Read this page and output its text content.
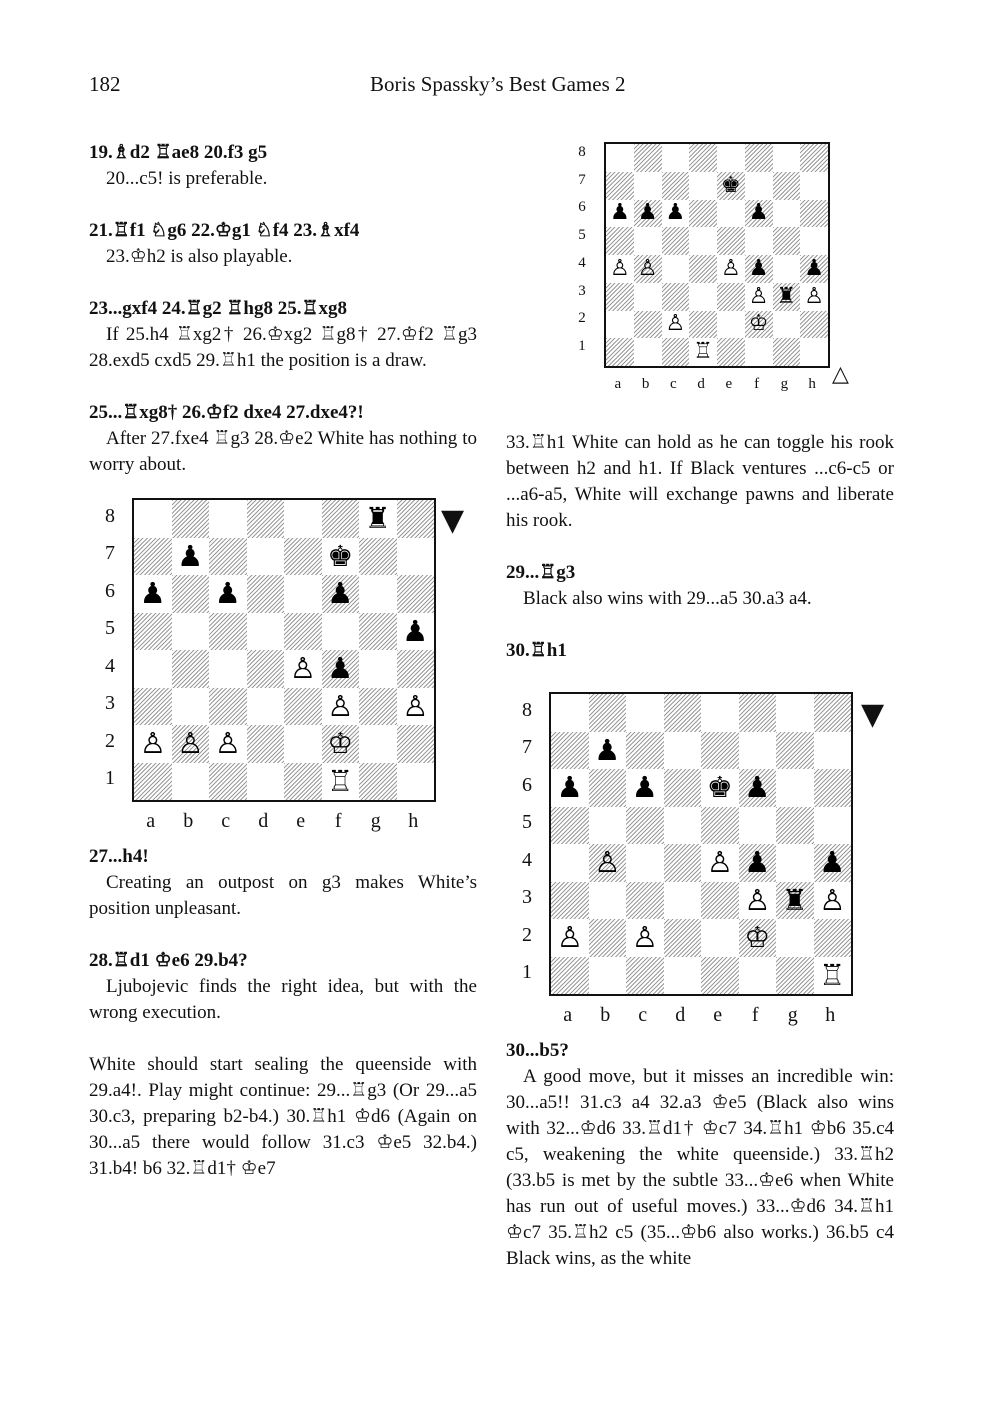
182	Boris Spassky’s Best Games 2
19.♗d2 ♖ae8 20.f3 g5

20...c5! is preferable.

21.♖f1 ♘g6 22.♔g1 ♘f4 23.♗xf4

23.♔h2 is also playable.

23...gxf4 24.♖g2 ♖hg8 25.♖xg8

If 25.h4 ♖xg2† 26.♔xg2 ♖g8† 27.♔f2 ♖g3 28.exd5 cxd5 29.♖h1 the position is a draw.

25...♖xg8† 26.♔f2 dxe4 27.dxe4?!

After 27.fxe4 ♖g3 28.♔e2 White has nothing to worry about.

♜
♟	♚
♟ ♟	♟
♟
♙ ♟
♙ ♙
♙ ♙ ♙	♔
♖
8
7
6
5
4
3
2
1
a	b	c	d	e	f	g	h
▼
27...h4!

Creating an outpost on g3 makes White’s position unpleasant.

28.♖d1 ♔e6 29.b4?

Ljubojevic finds the right idea, but with the wrong execution.

White should start sealing the queenside with 29.a4!. Play might continue: 29...♖g3 (Or 29...a5 30.c3, preparing b2-b4.) 30.♖h1 ♔d6 (Again on 30...a5 there would follow 31.c3 ♔e5 32.b4.) 31.b4! b6 32.♖d1† ♔e7

♚
♟ ♟ ♟	♟
♙ ♙	♙ ♟ ♟
♙ ♜ ♙
♙	♔
♖
8
7
6
5
4
3
2
1
a	b	c	d	e	f	g	h △

33.♖h1 White can hold as he can toggle his rook between h2 and h1. If Black ventures ...c6-c5 or ...a6-a5, White will exchange pawns and liberate his rook.

29...♖g3

Black also wins with 29...a5 30.a3 a4.

30.♖h1
♟
♟ ♟ ♚ ♟
♙	♙ ♟ ♟
♙ ♜ ♙
♙ ♙	♔
♖
8
7
6
5
4
3
2
1
a	b	c	d	e	f	g	h
▼
30...b5?

A good move, but it misses an incredible win: 30...a5!! 31.c3 a4 32.a3 ♔e5 (Black also wins with 32...♔d6 33.♖d1† ♔c7 34.♖h1 ♔b6 35.c4 c5, weakening the white queenside.) 33.♖h2 (33.b5 is met by the subtle 33...♔e6 when White has run out of useful moves.) 33...♔d6 34.♖h1 ♔c7 35.♖h2 c5 (35...♔b6 also works.) 36.b5 c4 Black wins, as the white
